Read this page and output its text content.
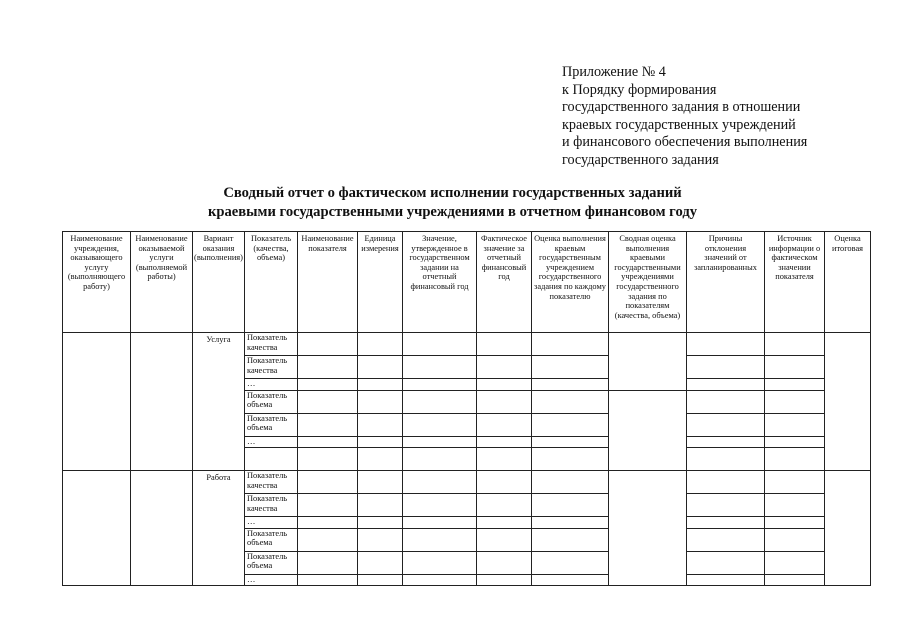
Приложение № 4
к Порядку формирования
государственного задания в отношении
краевых государственных учреждений
и финансового обеспечения выполнения
государственного задания
Сводный отчет о фактическом исполнении государственных заданий
краевыми государственными учреждениями в отчетном финансовом году
Наименование учреждения, оказывающего услугу (выполняющего работу)	Наименование оказываемой услуги (выполняемой работы)	Вариант оказания (выполнения)	Показатель (качества, объема)	Наименование показателя	Единица измерения	Значение, утвержденное в государственном задании на отчетный финансовый год	Фактическое значение за отчетный финансовый год	Оценка выполнения краевым государственным учреждением государственного задания по каждому показателю	Сводная оценка выполнения краевыми государственными учреждениями государственного задания по показателям (качества, объема)	Причины отклонения значений от запланированных	Источник информации о фактическом значении показателя	Оценка итоговая
		Услуга	Показатель качества									

			Показатель качества									

			…									
			Показатель объема									

			Показатель объема									

			…									

		Работа	Показатель качества									

			Показатель качества									

			…									
			Показатель объема									

			Показатель объема									

			…									
